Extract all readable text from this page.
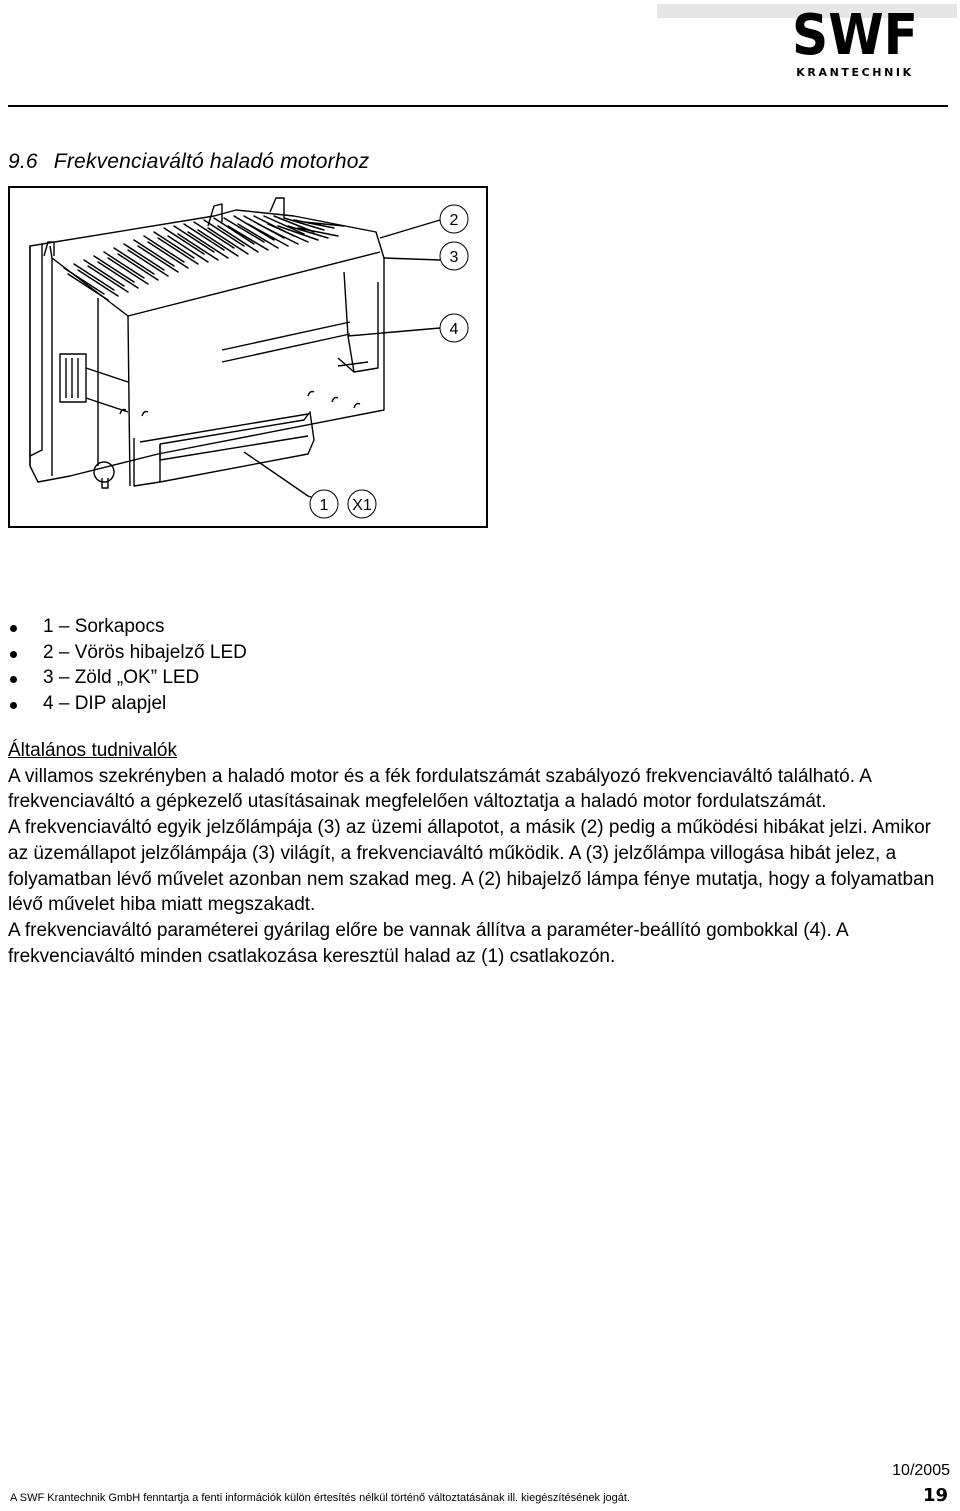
SWF
KRANTECHNIK
9.6 Frekvenciaváltó haladó motorhoz
2
3
4
1 X1
1 – Sorkapocs
2 – Vörös hibajelző LED
3 – Zöld „OK” LED
4 – DIP alapjel
Általános tudnivalók

A villamos szekrényben a haladó motor és a fék fordulatszámát szabályozó frekvenciaváltó található. A frekvenciaváltó a gépkezelő utasításainak megfelelően változtatja a haladó motor fordulatszámát.

A frekvenciaváltó egyik jelzőlámpája (3) az üzemi állapotot, a másik (2) pedig a működési hibákat jelzi. Amikor az üzemállapot jelzőlámpája (3) világít, a frekvenciaváltó működik. A (3) jelzőlámpa villogása hibát jelez, a folyamatban lévő művelet azonban nem szakad meg. A (2) hibajelző lámpa fénye mutatja, hogy a folyamatban lévő művelet hiba miatt megszakadt.

A frekvenciaváltó paraméterei gyárilag előre be vannak állítva a paraméter-beállító gombokkal (4). A frekvenciaváltó minden csatlakozása keresztül halad az (1) csatlakozón.

10/2005
A SWF Krantechnik GmbH fenntartja a fenti információk külön értesítés nélkül történő változtatásának ill. kiegészítésének jogát.	19
